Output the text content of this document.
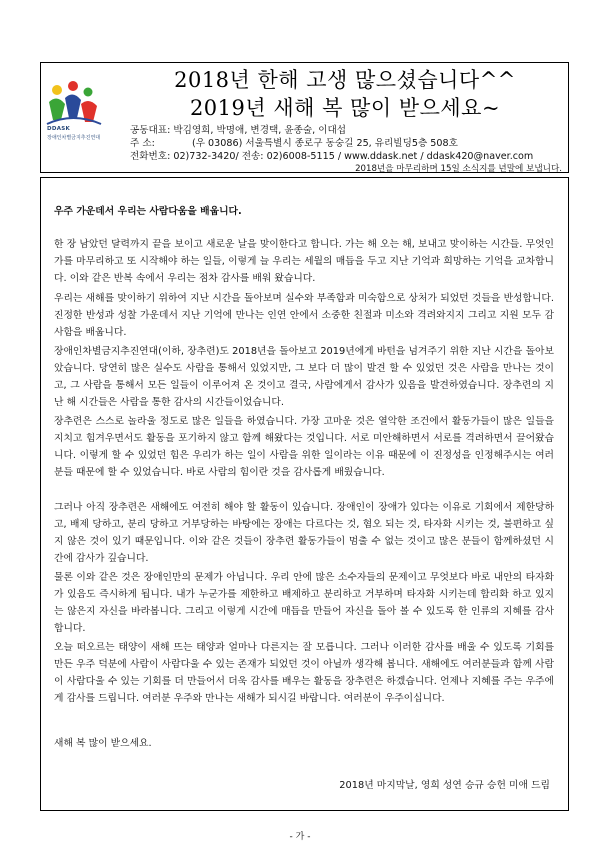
DDASK
장애인차별금지추진연대
2018년 한해 고생 많으셨습니다^^
2019년 새해 복 많이 받으세요~
공동대표: 박김영희, 박명애, 변경택, 윤종술, 이대섭
주 소:	(우 03086) 서울특별시 종로구 동숭길 25, 유리빌딩5층 508호
전화번호: 02)732-3420/ 전송: 02)6008-5115 / www.ddask.net / ddask420@naver.com
2018년을 마무리하며 15일 소식지를 년말에 보냅니다.
우주 가운데서 우리는 사람다움을 배웁니다.
한 장 남았던 달력까지 끝을 보이고 새로운 날을 맞이한다고 합니다. 가는 해 오는 해, 보내고 맞이하는 시간들. 무엇인가를 마무리하고 또 시작해야 하는 일들, 이렇게 늘 우리는 세월의 매듭을 두고 지난 기억과 희망하는 기억을 교차합니다. 이와 같은 반복 속에서 우리는 점차 감사를 배워 왔습니다.
우리는 새해를 맞이하기 위하여 지난 시간을 돌아보며 실수와 부족함과 미숙함으로 상처가 되었던 것들을 반성합니다. 진정한 반성과 성찰 가운데서 지난 기억에 만나는 인연 안에서 소중한 친절과 미소와 격려와지지 그리고 지원 모두 감사함을 배웁니다.
장애인차별금지추진연대(이하, 장추련)도 2018년을 돌아보고 2019년에게 바턴을 넘겨주기 위한 지난 시간을 돌아보았습니다. 당연히 많은 실수도 사람을 통해서 있었지만, 그 보다 더 많이 발견 할 수 있었던 것은 사람을 만나는 것이고, 그 사람을 통해서 모든 일들이 이루어져 온 것이고 결국, 사람에게서 감사가 있음을 발견하였습니다. 장추련의 지난 해 시간들은 사람을 통한 감사의 시간들이었습니다.
장추련은 스스로 놀라울 정도로 많은 일들을 하였습니다. 가장 고마운 것은 열악한 조건에서 활동가들이 많은 일들을 지치고 힘겨우면서도 활동을 포기하지 않고 함께 해왔다는 것입니다. 서로 미안해하면서 서로를 격려하면서 끌어왔습니다. 이렇게 할 수 있었던 힘은 우리가 하는 일이 사람을 위한 일이라는 이유 때문에 이 진정성을 인정해주시는 여러분들 때문에 할 수 있었습니다. 바로 사람의 힘이란 것을 감사롭게 배웠습니다.
그러나 아직 장추련은 새해에도 여전히 해야 할 활동이 있습니다. 장애인이 장애가 있다는 이유로 기회에서 제한당하고, 배제 당하고, 분리 당하고 거부당하는 바탕에는 장애는 다르다는 것, 혐오 되는 것, 타자화 시키는 것, 불편하고 싶지 않은 것이 있기 때문입니다. 이와 같은 것들이 장추련 활동가들이 멈출 수 없는 것이고 많은 분들이 함께하셨던 시간에 감사가 깊습니다.
물론 이와 같은 것은 장애인만의 문제가 아닙니다. 우리 안에 많은 소수자들의 문제이고 무엇보다 바로 내안의 타자화가 있음도 즉시하게 됩니다. 내가 누군가를 제한하고 배제하고 분리하고 거부하며 타자화 시키는데 합리화 하고 있지는 않은지 자신을 바라봅니다. 그리고 이렇게 시간에 매듭을 만들어 자신을 돌아 볼 수 있도록 한 인류의 지혜를 감사합니다.
오늘 떠오르는 태양이 새해 뜨는 태양과 얼마나 다른지는 잘 모릅니다. 그러나 이러한 감사를 배울 수 있도록 기회를 만든 우주 덕분에 사람이 사람다울 수 있는 존재가 되었던 것이 아닐까 생각해 봅니다. 새해에도 여러분들과 함께 사람이 사람다울 수 있는 기회를 더 만들어서 더욱 감사를 배우는 활동을 장추련은 하겠습니다. 언제나 지혜를 주는 우주에게 감사를 드립니다. 여러분 우주와 만나는 새해가 되시길 바랍니다. 여러분이 우주이십니다.
새해 복 많이 받으세요.
2018년 마지막날, 영희 성연 승규 승헌 미애 드림
- 가 -
